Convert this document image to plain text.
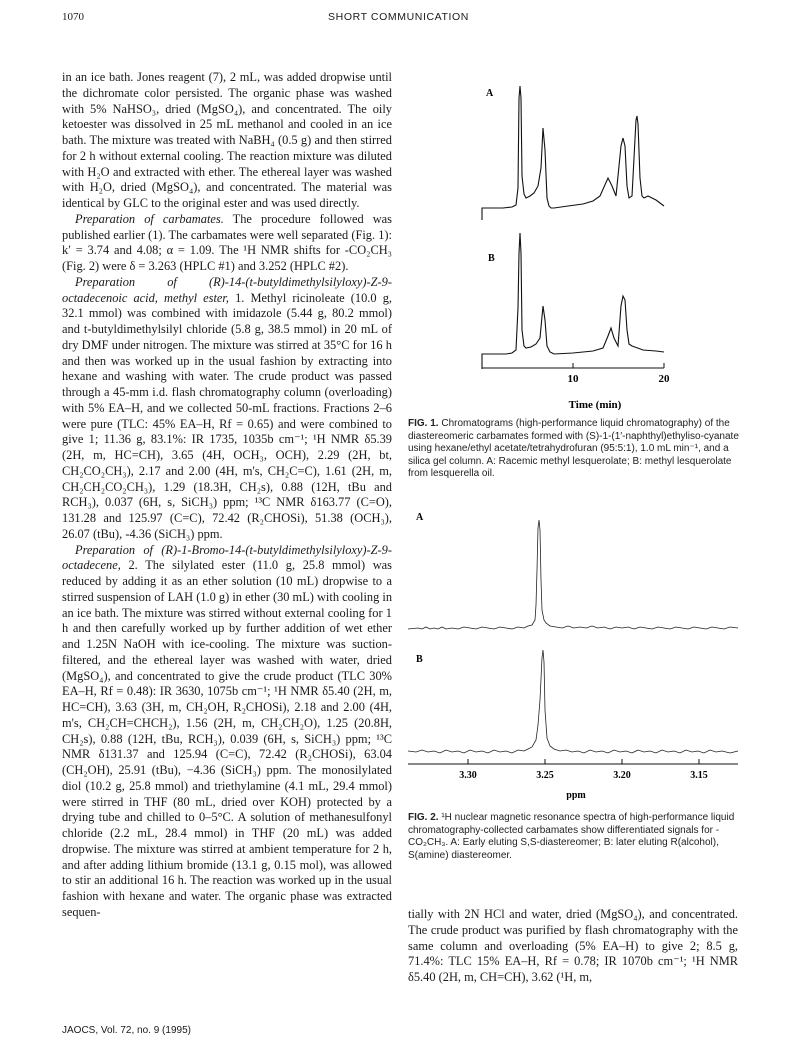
1070	SHORT COMMUNICATION

in an ice bath. Jones reagent (7), 2 mL, was added dropwise until the dichromate color persisted. The organic phase was washed with 5% NaHSO₃, dried (MgSO₄), and concentrated. The oily ketoester was dissolved in 25 mL methanol and cooled in an ice bath. The mixture was treated with NaBH₄ (0.5 g) and then stirred for 2 h without external cooling. The reaction mixture was diluted with H₂O and extracted with ether. The ethereal layer was washed with H₂O, dried (MgSO₄), and concentrated. The material was identical by GLC to the original ester and was used directly.

Preparation of carbamates. The procedure followed was published earlier (1). The carbamates were well separated (Fig. 1): k′ = 3.74 and 4.08; α = 1.09. The ¹H NMR shifts for -CO₂CH₃ (Fig. 2) were δ = 3.263 (HPLC #1) and 3.252 (HPLC #2).

Preparation of (R)-14-(t-butyldimethylsilyloxy)-Z-9-octadecenoic acid, methyl ester, 1. Methyl ricinoleate (10.0 g, 32.1 mmol) was combined with imidazole (5.44 g, 80.2 mmol) and t-butyldimethylsilyl chloride (5.8 g, 38.5 mmol) in 20 mL of dry DMF under nitrogen. The mixture was stirred at 35°C for 16 h and then was worked up in the usual fashion by extracting into hexane and washing with water. The crude product was passed through a 45-mm i.d. flash chromatography column (overloading) with 5% EA–H, and we collected 50-mL fractions. Fractions 2–6 were pure (TLC: 45% EA–H, Rf = 0.65) and were combined to give 1; 11.36 g, 83.1%: IR 1735, 1035b cm⁻¹; ¹H NMR δ5.39 (2H, m, HC=CH), 3.65 (4H, OCH₃, OCH), 2.29 (2H, bt, CH₂CO₂CH₃), 2.17 and 2.00 (4H, m's, CH₂C=C), 1.61 (2H, m, CH₂CH₂CO₂CH₃), 1.29 (18.3H, CH₂s), 0.88 (12H, tBu and RCH₃), 0.037 (6H, s, SiCH₃) ppm; ¹³C NMR δ163.77 (C=O), 131.28 and 125.97 (C=C), 72.42 (R₂CHOSi), 51.38 (OCH₃), 26.07 (tBu), -4.36 (SiCH₃) ppm.

Preparation of (R)-1-Bromo-14-(t-butyldimethylsilyloxy)-Z-9-octadecene, 2. The silylated ester (11.0 g, 25.8 mmol) was reduced by adding it as an ether solution (10 mL) dropwise to a stirred suspension of LAH (1.0 g) in ether (30 mL) with cooling in an ice bath. The mixture was stirred without external cooling for 1 h and then carefully worked up by further addition of wet ether and 1.25N NaOH with ice-cooling. The mixture was suction-filtered, and the ethereal layer was washed with water, dried (MgSO₄), and concentrated to give the crude product (TLC 30% EA–H, Rf = 0.48): IR 3630, 1075b cm⁻¹; ¹H NMR δ5.40 (2H, m, HC=CH), 3.63 (3H, m, CH₂OH, R₂CHOSi), 2.18 and 2.00 (4H, m's, CH₂CH=CHCH₂), 1.56 (2H, m, CH₂CH₂O), 1.25 (20.8H, CH₂s), 0.88 (12H, tBu, RCH₃), 0.039 (6H, s, SiCH₃) ppm; ¹³C NMR δ131.37 and 125.94 (C=C), 72.42 (R₂CHOSi), 63.04 (CH₂OH), 25.91 (tBu), −4.36 (SiCH₃) ppm. The monosilylated diol (10.2 g, 25.8 mmol) and triethylamine (4.1 mL, 29.4 mmol) were stirred in THF (80 mL, dried over KOH) protected by a drying tube and chilled to 0–5°C. A solution of methanesulfonyl chloride (2.2 mL, 28.4 mmol) in THF (20 mL) was added dropwise. The mixture was stirred at ambient temperature for 2 h, and after adding lithium bromide (13.1 g, 0.15 mol), was allowed to stir an additional 16 h. The reaction was worked up in the usual fashion with hexane and water. The organic phase was extracted sequen-

A
B
10	20
Time (min)
FIG. 1. Chromatograms (high-performance liquid chromatography) of the diastereomeric carbamates formed with (S)-1-(1′-naphthyl)ethyliso-cyanate using hexane/ethyl acetate/tetrahydrofuran (95:5:1), 1.0 mL min⁻¹, and a silica gel column. A: Racemic methyl lesquerolate; B: methyl lesquerolate from lesquerella oil.
A
B
3.30	3.25	3.20	3.15
ppm
FIG. 2. ¹H nuclear magnetic resonance spectra of high-performance liquid chromatography-collected carbamates show differentiated signals for -CO₂CH₃. A: Early eluting S,S-diastereomer; B: later eluting R(alcohol), S(amine) diastereomer.

tially with 2N HCl and water, dried (MgSO₄), and concentrated. The crude product was purified by flash chromatography with the same column and overloading (5% EA–H) to give 2; 8.5 g, 71.4%: TLC 15% EA–H, Rf = 0.78; IR 1070b cm⁻¹; ¹H NMR δ5.40 (2H, m, CH=CH), 3.62 (¹H, m,

JAOCS, Vol. 72, no. 9 (1995)
